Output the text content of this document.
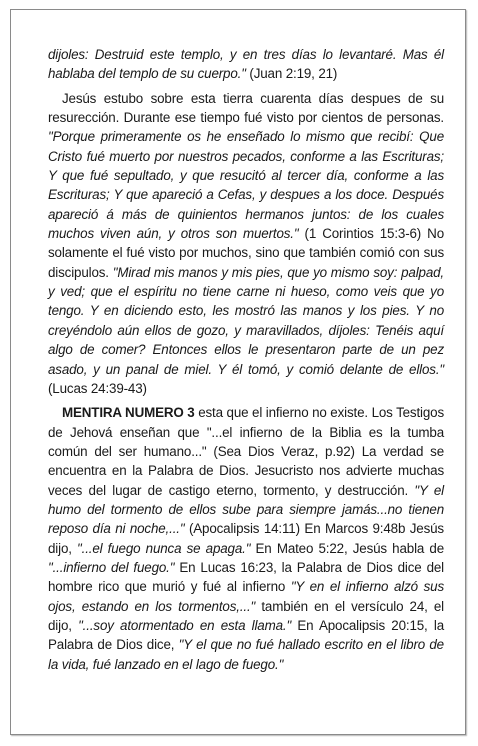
dijoles: Destruid este templo, y en tres días lo levantaré. Mas él hablaba del templo de su cuerpo." (Juan 2:19, 21)

Jesús estubo sobre esta tierra cuarenta días despues de su resurección. Durante ese tiempo fué visto por cientos de personas. "Porque primeramente os he enseñado lo mismo que recibí: Que Cristo fué muerto por nuestros pecados, conforme a las Escrituras; Y que fué sepultado, y que resucitó al tercer día, conforme a las Escrituras; Y que apareció a Cefas, y despues a los doce. Después apareció á más de quinientos hermanos juntos: de los cuales muchos viven aún, y otros son muertos." (1 Corintios 15:3-6) No solamente el fué visto por muchos, sino que también comió con sus discipulos. "Mirad mis manos y mis pies, que yo mismo soy: palpad, y ved; que el espíritu no tiene carne ni hueso, como veis que yo tengo. Y en diciendo esto, les mostró las manos y los pies. Y no creyéndolo aún ellos de gozo, y maravillados, díjoles: Tenéis aquí algo de comer? Entonces ellos le presentaron parte de un pez asado, y un panal de miel. Y él tomó, y comió delante de ellos." (Lucas 24:39-43)

MENTIRA NUMERO 3 esta que el infierno no existe. Los Testigos de Jehová enseñan que "...el infierno de la Biblia es la tumba común del ser humano..." (Sea Dios Veraz, p.92) La verdad se encuentra en la Palabra de Dios. Jesucristo nos advierte muchas veces del lugar de castigo eterno, tormento, y destrucción. "Y el humo del tormento de ellos sube para siempre jamás...no tienen reposo día ni noche,..." (Apocalipsis 14:11) En Marcos 9:48b Jesús dijo, "...el fuego nunca se apaga." En Mateo 5:22, Jesús habla de "...infierno del fuego." En Lucas 16:23, la Palabra de Dios dice del hombre rico que murió y fué al infierno "Y en el infierno alzó sus ojos, estando en los tormentos,..." también en el versículo 24, el dijo, "...soy atormentado en esta llama." En Apocalipsis 20:15, la Palabra de Dios dice, "Y el que no fué hallado escrito en el libro de la vida, fué lanzado en el lago de fuego."
